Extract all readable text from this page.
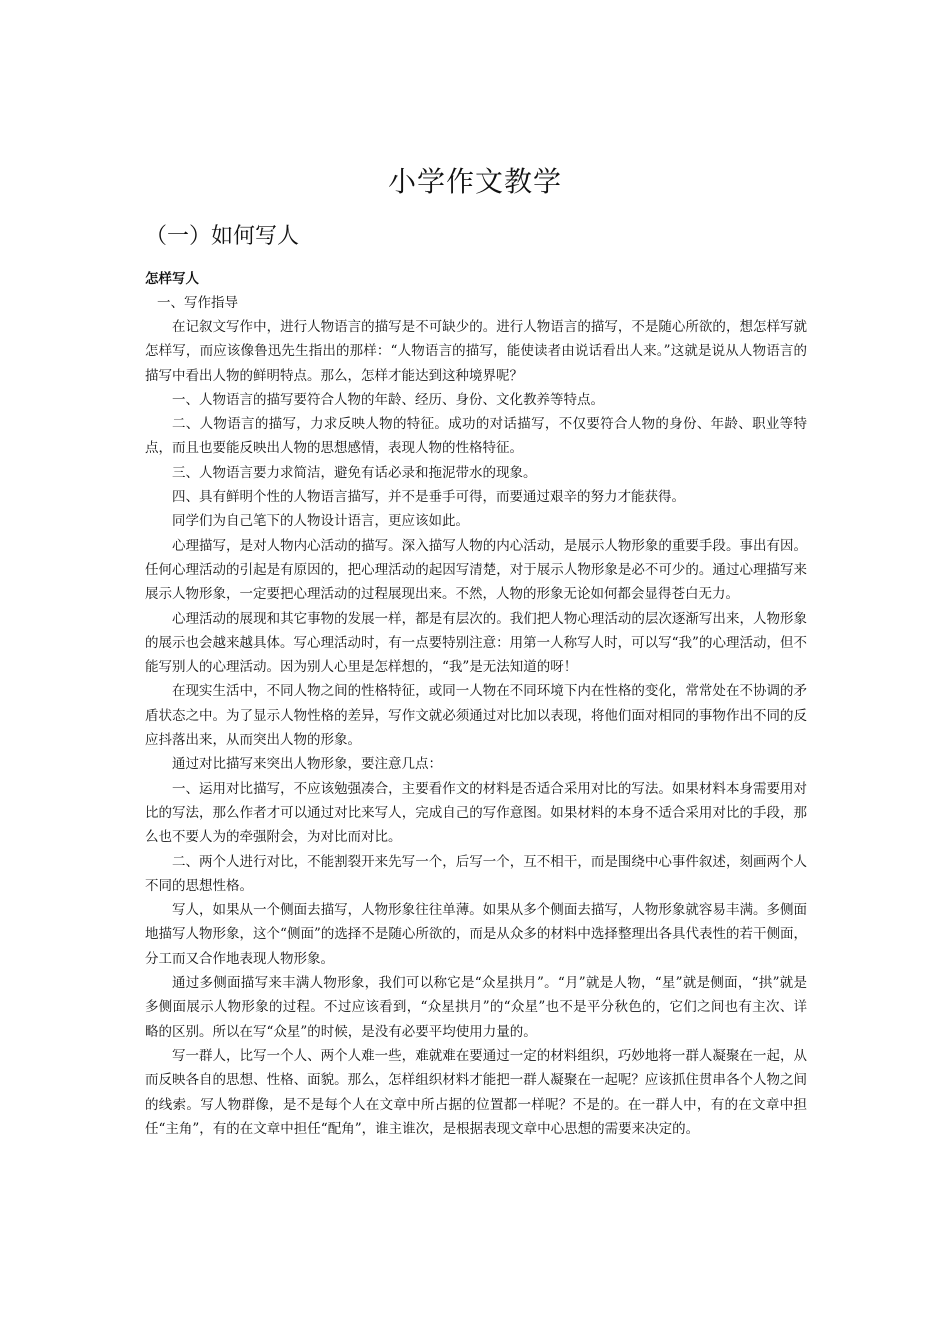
小学作文教学
（一）如何写人

怎样写人

一、写作指导

在记叙文写作中，进行人物语言的描写是不可缺少的。进行人物语言的描写，不是随心所欲的，想怎样写就怎样写，而应该像鲁迅先生指出的那样：“人物语言的描写，能使读者由说话看出人来。”这就是说从人物语言的描写中看出人物的鲜明特点。那么，怎样才能达到这种境界呢？

一、人物语言的描写要符合人物的年龄、经历、身份、文化教养等特点。

二、人物语言的描写，力求反映人物的特征。成功的对话描写，不仅要符合人物的身份、年龄、职业等特点，而且也要能反映出人物的思想感情，表现人物的性格特征。

三、人物语言要力求简洁，避免有话必录和拖泥带水的现象。

四、具有鲜明个性的人物语言描写，并不是垂手可得，而要通过艰辛的努力才能获得。

同学们为自己笔下的人物设计语言，更应该如此。

心理描写，是对人物内心活动的描写。深入描写人物的内心活动，是展示人物形象的重要手段。事出有因。任何心理活动的引起是有原因的，把心理活动的起因写清楚，对于展示人物形象是必不可少的。通过心理描写来展示人物形象，一定要把心理活动的过程展现出来。不然，人物的形象无论如何都会显得苍白无力。

心理活动的展现和其它事物的发展一样，都是有层次的。我们把人物心理活动的层次逐渐写出来，人物形象的展示也会越来越具体。写心理活动时，有一点要特别注意：用第一人称写人时，可以写“我”的心理活动，但不能写别人的心理活动。因为别人心里是怎样想的，“我”是无法知道的呀！

在现实生活中，不同人物之间的性格特征，或同一人物在不同环境下内在性格的变化，常常处在不协调的矛盾状态之中。为了显示人物性格的差异，写作文就必须通过对比加以表现，将他们面对相同的事物作出不同的反应抖落出来，从而突出人物的形象。

通过对比描写来突出人物形象，要注意几点：

一、运用对比描写，不应该勉强凑合，主要看作文的材料是否适合采用对比的写法。如果材料本身需要用对比的写法，那么作者才可以通过对比来写人，完成自己的写作意图。如果材料的本身不适合采用对比的手段，那么也不要人为的牵强附会，为对比而对比。

二、两个人进行对比，不能割裂开来先写一个，后写一个，互不相干，而是围绕中心事件叙述，刻画两个人不同的思想性格。

写人，如果从一个侧面去描写，人物形象往往单薄。如果从多个侧面去描写，人物形象就容易丰满。多侧面地描写人物形象，这个“侧面”的选择不是随心所欲的，而是从众多的材料中选择整理出各具代表性的若干侧面，分工而又合作地表现人物形象。

通过多侧面描写来丰满人物形象，我们可以称它是“众星拱月”。“月”就是人物，“星”就是侧面，“拱”就是多侧面展示人物形象的过程。不过应该看到，“众星拱月”的“众星”也不是平分秋色的，它们之间也有主次、详略的区别。所以在写“众星”的时候，是没有必要平均使用力量的。

写一群人，比写一个人、两个人难一些，难就难在要通过一定的材料组织，巧妙地将一群人凝聚在一起，从而反映各自的思想、性格、面貌。那么，怎样组织材料才能把一群人凝聚在一起呢？应该抓住贯串各个人物之间的线索。写人物群像，是不是每个人在文章中所占据的位置都一样呢？不是的。在一群人中，有的在文章中担任“主角”，有的在文章中担任“配角”，谁主谁次，是根据表现文章中心思想的需要来决定的。
